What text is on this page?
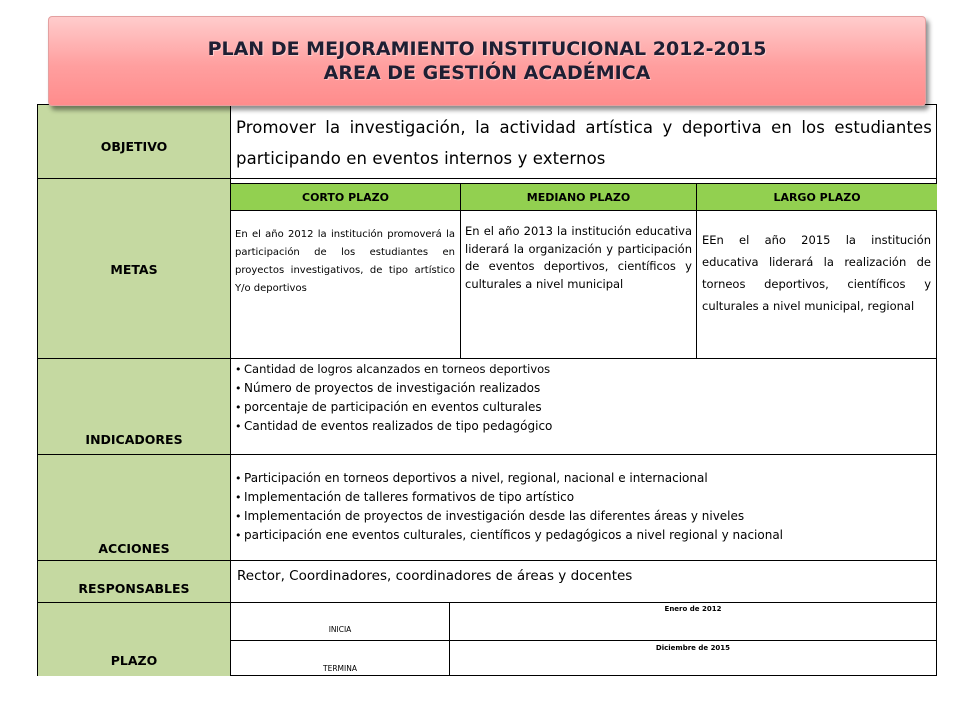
PLAN DE MEJORAMIENTO INSTITUCIONAL 2012-2015
AREA DE GESTIÓN ACADÉMICA
OBJETIVO
METAS
INDICADORES
ACCIONES
RESPONSABLES
PLAZO
Promover la investigación, la actividad artística y deportiva en los estudiantes participando en eventos internos y externos
CORTO PLAZO	MEDIANO PLAZO	LARGO PLAZO
En el año 2012 la institución promoverá la participación de los estudiantes en proyectos investigativos, de tipo artístico Y/o deportivos
En el año 2013 la institución educativa liderará la organización y participación de eventos deportivos, científicos y culturales a nivel municipal
EEn el año 2015 la institución educativa liderará la realización de torneos deportivos, científicos y culturales a nivel municipal, regional
• Cantidad de logros alcanzados en torneos deportivos
• Número de proyectos de investigación realizados
• porcentaje de participación en eventos culturales
• Cantidad de eventos realizados de tipo pedagógico
• Participación en torneos deportivos a nivel, regional, nacional e internacional
• Implementación de talleres formativos de tipo artístico
• Implementación de proyectos de investigación desde las diferentes áreas y niveles
• participación ene eventos culturales, científicos y pedagógicos a nivel regional y nacional
Rector, Coordinadores, coordinadores de áreas y docentes
INICIA
Enero de 2012
TERMINA
Diciembre de 2015
